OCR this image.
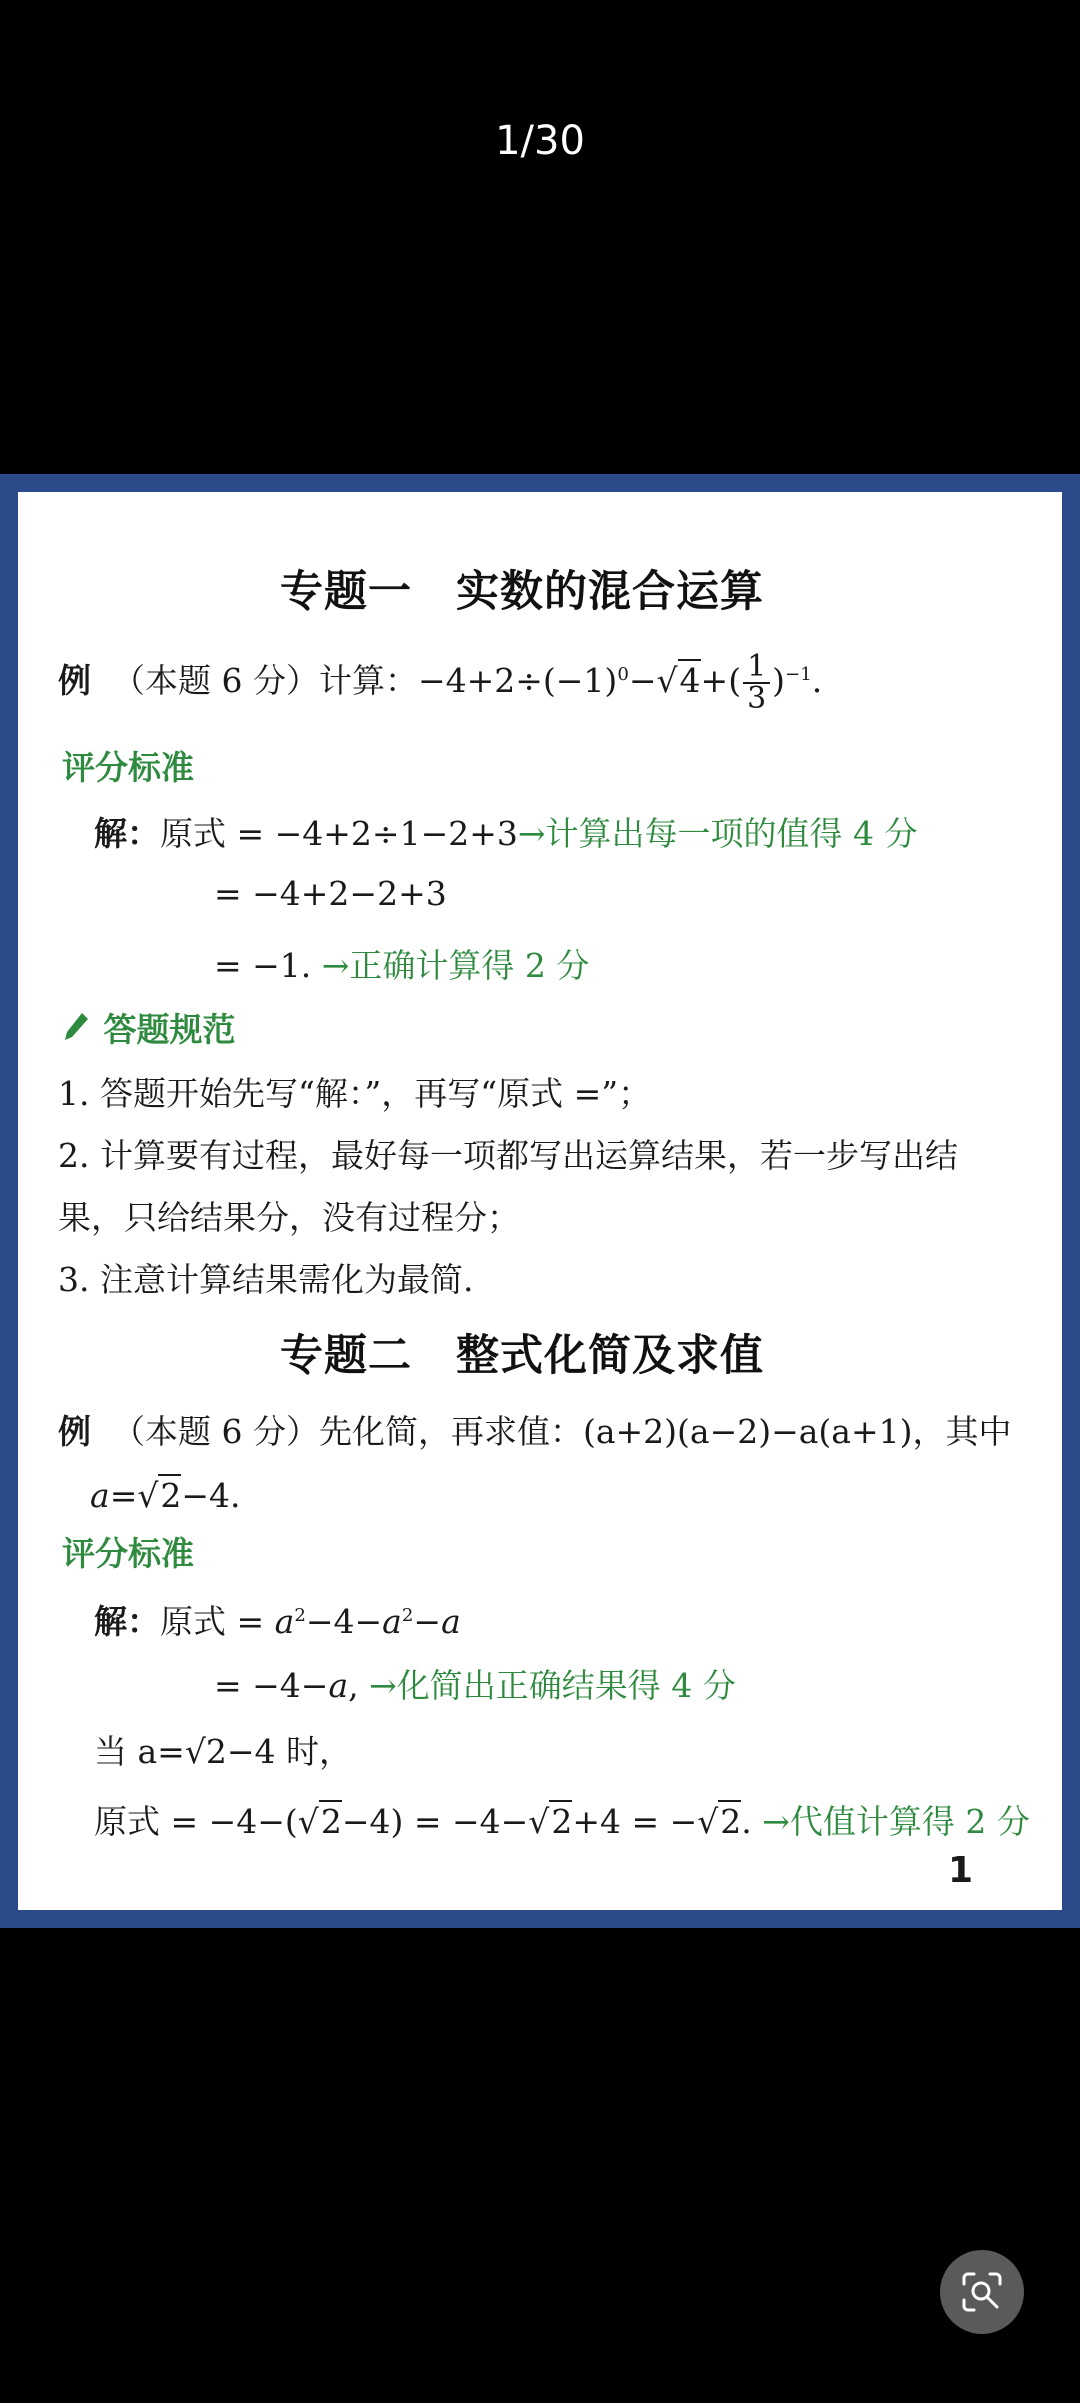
1/30
专题一　实数的混合运算
例 （本题 6 分）计算：$-4+2\div(-1)^0-√4+( \frac{1}{3} )^{-1}$.
评分标准
解：原式 = −4+2÷1−2+3→计算出每一项的值得 4 分
= −4+2−2+3
= −1. →正确计算得 2 分
答题规范
1. 答题开始先写“解：”，再写“原式 =”；
2. 计算要有过程，最好每一项都写出运算结果，若一步写出结
果，只给结果分，没有过程分；
3. 注意计算结果需化为最简.
专题二　整式化简及求值
例 （本题 6 分）先化简，再求值：(a+2)(a−2)−a(a+1)，其中
a=√2−4.
评分标准
解：原式 = $a^2-4-a^2-a$
= −4−a, →化简出正确结果得 4 分
当 a=√2−4 时，
原式 = −4−(√2−4) = −4−√2+4 = −√2. →代值计算得 2 分
1
